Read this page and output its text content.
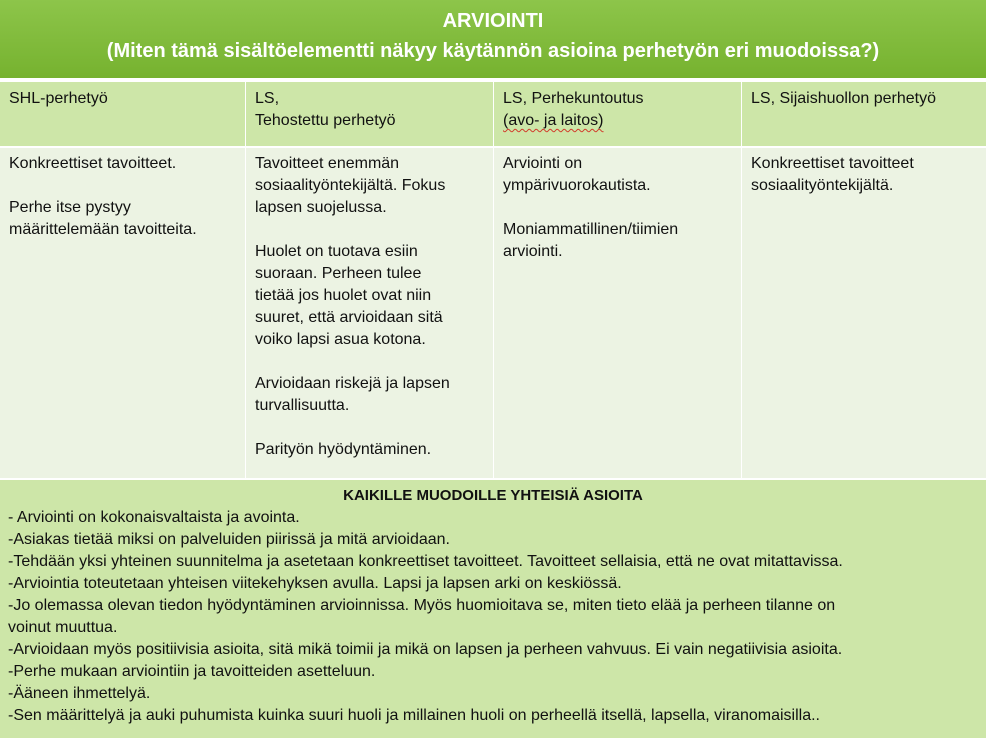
ARVIOINTI
(Miten tämä sisältöelementti näkyy käytännön asioina perhetyön eri muodoissa?)
SHL-perhetyö	LS,
Tehostettu perhetyö
LS, Perhekuntoutus
(avo- ja laitos)
LS, Sijaishuollon perhetyö
Konkreettiset tavoitteet.
Perhe itse pystyy
määrittelemään tavoitteita.
Tavoitteet enemmän
sosiaalityöntekijältä. Fokus
lapsen suojelussa.
Huolet on tuotava esiin
suoraan. Perheen tulee
tietää jos huolet ovat niin
suuret, että arvioidaan sitä
voiko lapsi asua kotona.
Arvioidaan riskejä ja lapsen
turvallisuutta.
Parityön hyödyntäminen.
Arviointi on
ympärivuorokautista.
Moniammatillinen/tiimien
arviointi.
Konkreettiset tavoitteet
sosiaalityöntekijältä.
KAIKILLE MUODOILLE YHTEISIÄ ASIOITA
- Arviointi on kokonaisvaltaista ja avointa.
-Asiakas tietää miksi on palveluiden piirissä ja mitä arvioidaan.
-Tehdään yksi yhteinen suunnitelma ja asetetaan konkreettiset tavoitteet. Tavoitteet sellaisia, että ne ovat mitattavissa.
-Arviointia toteutetaan yhteisen viitekehyksen avulla. Lapsi ja lapsen arki on keskiössä.
-Jo olemassa olevan tiedon hyödyntäminen arvioinnissa. Myös huomioitava se, miten tieto elää ja perheen tilanne on
voinut muuttua.
-Arvioidaan myös positiivisia asioita, sitä mikä toimii ja mikä on lapsen ja perheen vahvuus. Ei vain negatiivisia asioita.
-Perhe mukaan arviointiin ja tavoitteiden asetteluun.
-Ääneen ihmettelyä.
-Sen määrittelyä ja auki puhumista kuinka suuri huoli ja millainen huoli on perheellä itsellä, lapsella, viranomaisilla..
